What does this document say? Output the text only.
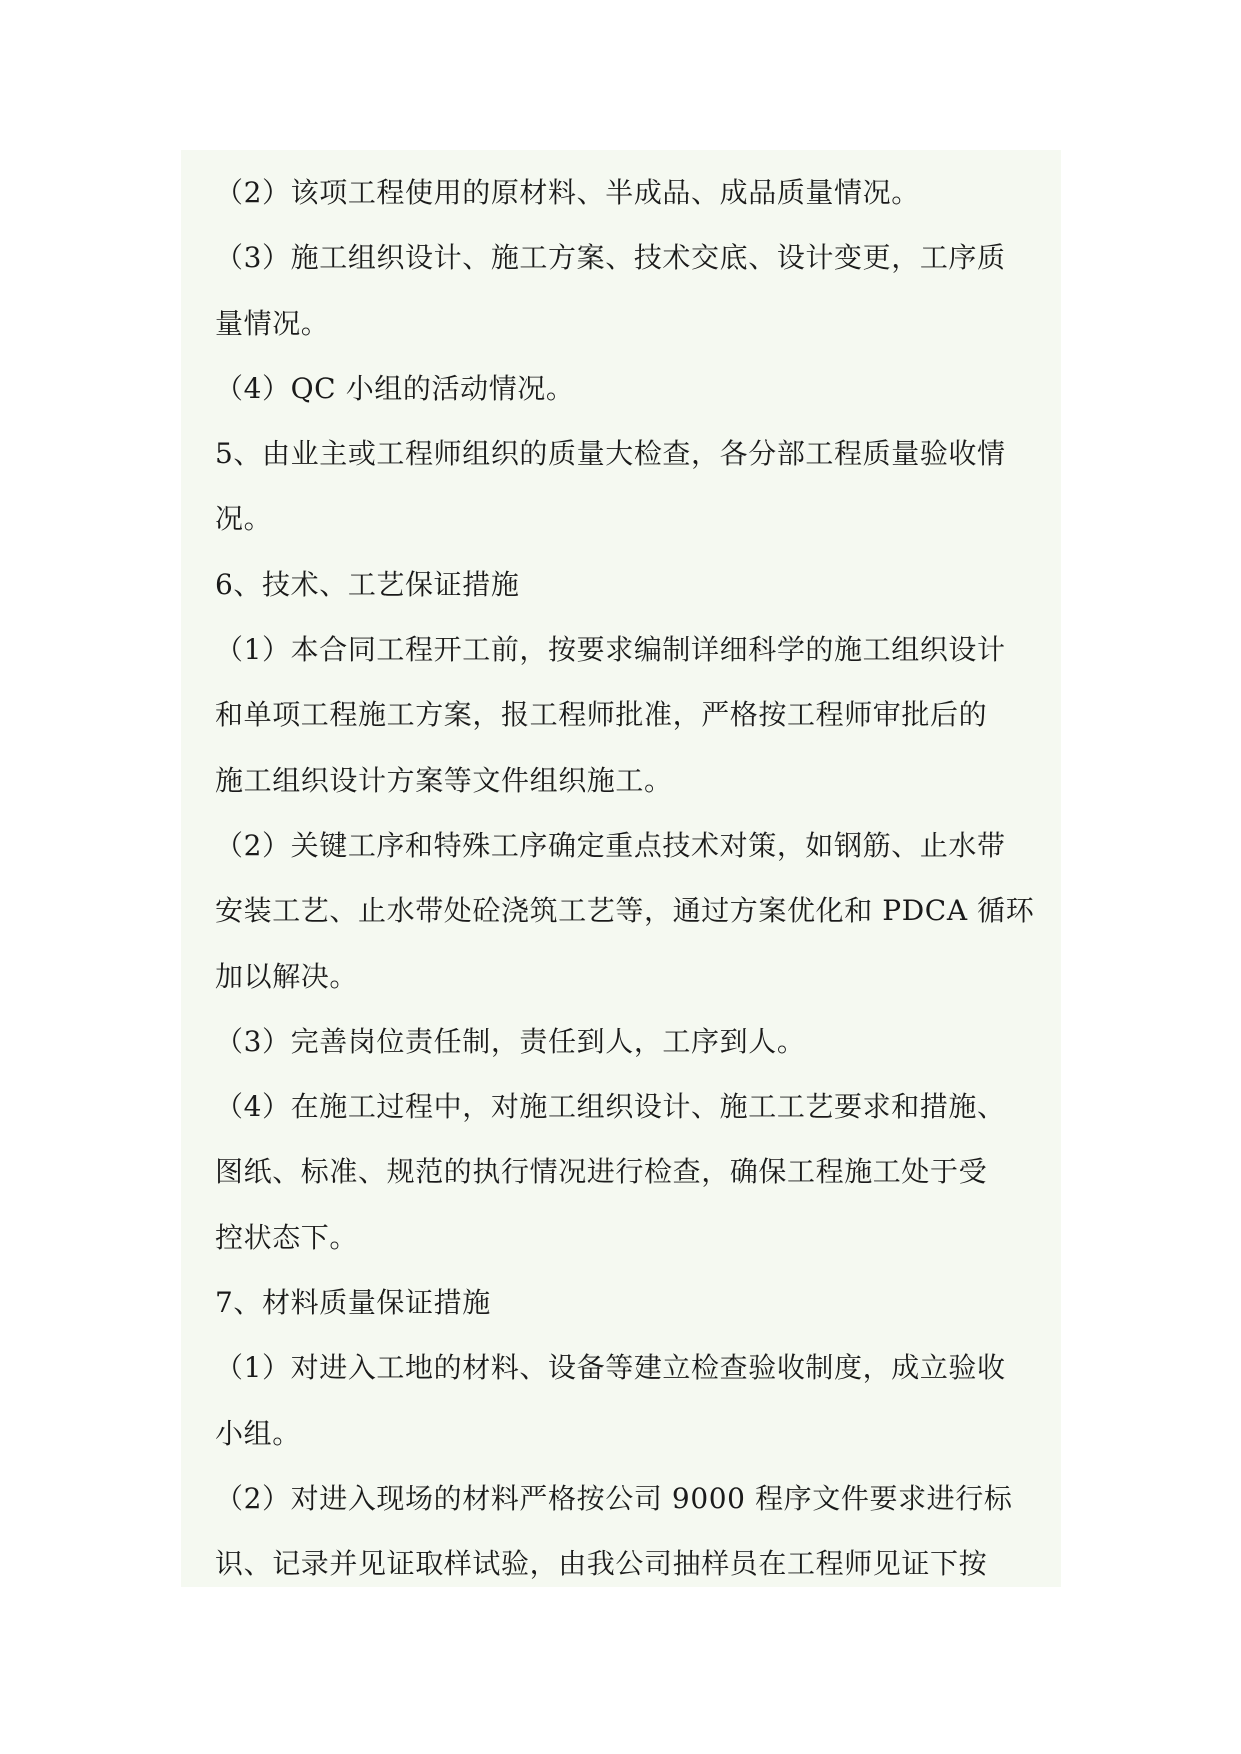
（2）该项工程使用的原材料、半成品、成品质量情况。
（3）施工组织设计、施工方案、技术交底、设计变更，工序质
量情况。
（4）QC 小组的活动情况。
5、由业主或工程师组织的质量大检查，各分部工程质量验收情
况。
6、技术、工艺保证措施
（1）本合同工程开工前，按要求编制详细科学的施工组织设计
和单项工程施工方案，报工程师批准，严格按工程师审批后的
施工组织设计方案等文件组织施工。
（2）关键工序和特殊工序确定重点技术对策，如钢筋、止水带
安装工艺、止水带处砼浇筑工艺等，通过方案优化和 PDCA 循环
加以解决。
（3）完善岗位责任制，责任到人，工序到人。
（4）在施工过程中，对施工组织设计、施工工艺要求和措施、
图纸、标准、规范的执行情况进行检查，确保工程施工处于受
控状态下。
7、材料质量保证措施
（1）对进入工地的材料、设备等建立检查验收制度，成立验收
小组。
（2）对进入现场的材料严格按公司 9000 程序文件要求进行标
识、记录并见证取样试验，由我公司抽样员在工程师见证下按
